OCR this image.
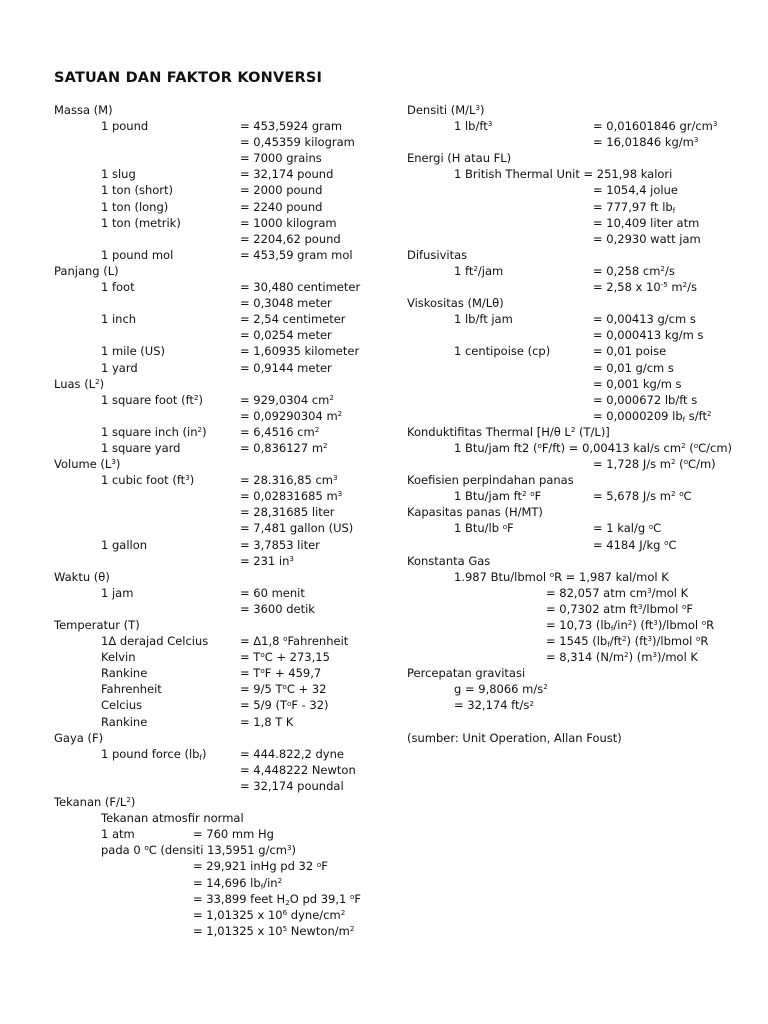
SATUAN DAN FAKTOR KONVERSI
Massa (M)
1 pound	= 453,5924 gram
= 0,45359 kilogram
= 7000 grains
1 slug	= 32,174 pound
1 ton (short)	= 2000 pound
1 ton (long)	= 2240 pound
1 ton (metrik)	= 1000 kilogram
= 2204,62 pound
1 pound mol	= 453,59 gram mol
Panjang (L)
1 foot	= 30,480 centimeter
= 0,3048 meter
1 inch	= 2,54 centimeter
= 0,0254 meter
1 mile (US)	= 1,60935 kilometer
1 yard	= 0,9144 meter
Luas $(L^2)$
1 square foot $(ft^2)$	= 929,0304 $cm^2$
= 0,09290304 $m^2$
1 square inch $(in^2)$	= 6,4516 $cm^2$
1 square yard	= 0,836127 $m^2$
Volume $(L^3)$
1 cubic foot $(ft^3)$	= 28.316,85 $cm^3$
= 0,02831685 $m^3$
= 28,31685 liter
= 7,481 gallon (US)
1 gallon	= 3,7853 liter
= 231 $in^3$
Waktu (θ)
1 jam	= 60 menit
= 3600 detik
Temperatur (T)
1Δ derajad Celcius	= Δ1,8 $^o$Fahrenheit
Kelvin	= $T^oC + 273,15$
Rankine	= $T^oF + 459,7$
Fahrenheit	= 9/5 $T^oC + 32$
Celcius	= 5/9 $(T^oF - 32)$
Rankine	= 1,8 T K
Gaya (F)
1 pound force $(lb_f)$	= 444.822,2 dyne
= 4,448222 Newton
= 32,174 poundal
Tekanan $(F/L^2)$
Tekanan atmosfir normal
1 atm	= 760 mm Hg
pada 0 $^o$C (densiti 13,5951 $g/cm^3$)
= 29,921 inHg pd 32 $^o$F
= 14,696 $lb_f/in^2$
= 33,899 feet $H_2O$ pd 39,1 $^o$F
= 1,01325 x $10^6$ dyne/$cm^2$
= 1,01325 x $10^5$ Newton/$m^2$
Densiti $(M/L^3)$
1 $lb/ft^3$	= 0,01601846 $gr/cm^3$
= 16,01846 $kg/m^3$
Energi (H atau FL)
1 British Thermal Unit = 251,98 kalori
= 1054,4 jolue
= 777,97 ft $lb_f$
= 10,409 liter atm
= 0,2930 watt jam
Difusivitas
1 $ft^2$/jam	= 0,258 $cm^2/s$
= 2,58 x $10^{-5}$ $m^2/s$
Viskositas (M/Lθ)
1 lb/ft jam	= 0,00413 g/cm s
= 0,000413 kg/m s
1 centipoise (cp)	= 0,01 poise
= 0,01 g/cm s
= 0,001 kg/m s
= 0,000672 lb/ft s
= 0,0000209 $lb_f$ $s/ft^2$
Konduktifitas Thermal [H/θ $L^2$ (T/L)]
1 Btu/jam ft2 ($^o$F/ft) = 0,00413 kal/s $cm^2$ ($^o$C/cm)
= 1,728 J/s $m^2$ ($^o$C/m)
Koefisien perpindahan panas
1 Btu/jam $ft^2$ $^o$F	= 5,678 J/s $m^2$ $^o$C
Kapasitas panas (H/MT)
1 Btu/lb $^o$F	= 1 kal/g $^o$C
= 4184 J/kg $^o$C
Konstanta Gas
1.987 Btu/lbmol $^o$R = 1,987 kal/mol K
= 82,057 atm $cm^3$/mol K
= 0,7302 atm $ft^3$/lbmol $^o$F
= 10,73 $(lb_f/in^2)$ $(ft^3)$/lbmol $^o$R
= 1545 $(lb_f/ft^2)$ $(ft^3)$/lbmol $^o$R
= 8,314 $(N/m^2)$ $(m^3)$/mol K
Percepatan gravitasi
g = 9,8066 $m/s^2$
= 32,174 $ft/s^2$
(sumber: Unit Operation, Allan Foust)
